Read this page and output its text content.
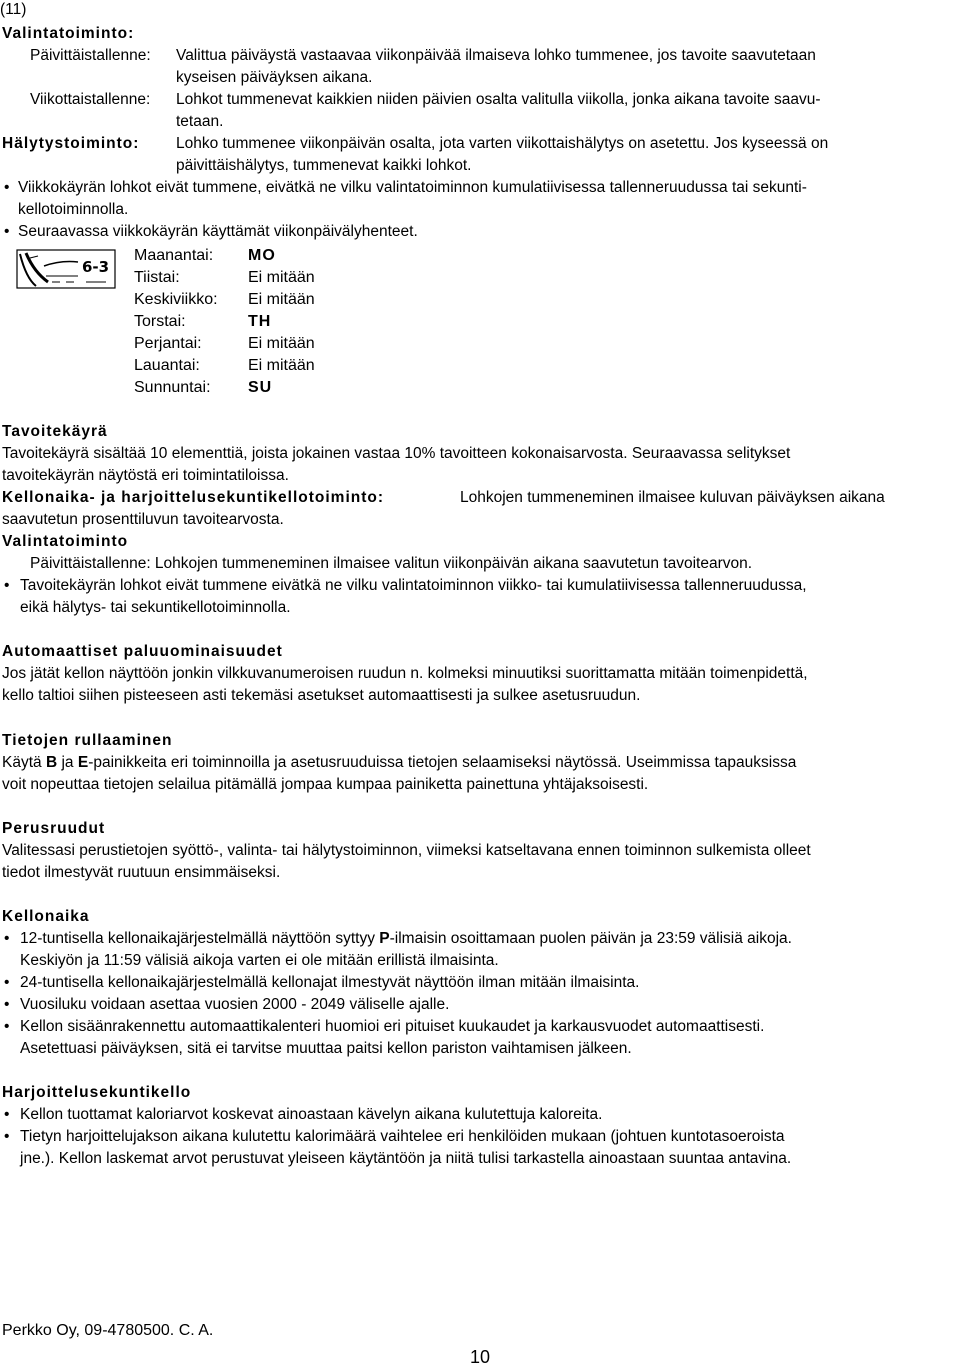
(11)
Valintatoiminto:
Päivittäistallenne: Valittua päiväystä vastaavaa viikonpäivää ilmaiseva lohko tummenee, jos tavoite saavutetaan
kyseisen päiväyksen aikana.
Viikottaistallenne: Lohkot tummenevat kaikkien niiden päivien osalta valitulla viikolla, jonka aikana tavoite saavu-
tetaan.
Hälytystoiminto: Lohko tummenee viikonpäivän osalta, jota varten viikottaishälytys on asetettu. Jos kyseessä on
päivittäishälytys, tummenevat kaikki lohkot.
• Viikkokäyrän lohkot eivät tummene, eivätkä ne vilku valintatoiminnon kumulatiivisessa tallenneruudussa tai sekunti-
kellotoiminnolla.
• Seuraavassa viikkokäyrän käyttämät viikonpäivälyhenteet.
6-3
Maanantai: MO
Tiistai:	Ei mitään
Keskiviikko: Ei mitään
Torstai:	TH
Perjantai:	Ei mitään
Lauantai:	Ei mitään
Sunnuntai: SU
Tavoitekäyrä
Tavoitekäyrä sisältää 10 elementtiä, joista jokainen vastaa 10% tavoitteen kokonaisarvosta. Seuraavassa selitykset
tavoitekäyrän näytöstä eri toimintatiloissa.
Kellonaika- ja harjoittelusekuntikellotoiminto:	Lohkojen tummeneminen ilmaisee kuluvan päiväyksen aikana
saavutetun prosenttiluvun tavoitearvosta.
Valintatoiminto
Päivittäistallenne: Lohkojen tummeneminen ilmaisee valitun viikonpäivän aikana saavutetun tavoitearvon.
• Tavoitekäyrän lohkot eivät tummene eivätkä ne vilku valintatoiminnon viikko- tai kumulatiivisessa tallenneruudussa,
eikä hälytys- tai sekuntikellotoiminnolla.
Automaattiset paluuominaisuudet
Jos jätät kellon näyttöön jonkin vilkkuvanumeroisen ruudun n. kolmeksi minuutiksi suorittamatta mitään toimenpidettä,
kello taltioi siihen pisteeseen asti tekemäsi asetukset automaattisesti ja sulkee asetusruudun.
Tietojen rullaaminen
Käytä B ja E-painikkeita eri toiminnoilla ja asetusruuduissa tietojen selaamiseksi näytössä. Useimmissa tapauksissa
voit nopeuttaa tietojen selailua pitämällä jompaa kumpaa painiketta painettuna yhtäjaksoisesti.
Perusruudut
Valitessasi perustietojen syöttö-, valinta- tai hälytystoiminnon, viimeksi katseltavana ennen toiminnon sulkemista olleet
tiedot ilmestyvät ruutuun ensimmäiseksi.
Kellonaika
• 12-tuntisella kellonaikajärjestelmällä näyttöön syttyy P-ilmaisin osoittamaan puolen päivän ja 23:59 välisiä aikoja.
Keskiyön ja 11:59 välisiä aikoja varten ei ole mitään erillistä ilmaisinta.
• 24-tuntisella kellonaikajärjestelmällä kellonajat ilmestyvät näyttöön ilman mitään ilmaisinta.
• Vuosiluku voidaan asettaa vuosien 2000 - 2049 väliselle ajalle.
• Kellon sisäänrakennettu automaattikalenteri huomioi eri pituiset kuukaudet ja karkausvuodet automaattisesti.
Asetettuasi päiväyksen, sitä ei tarvitse muuttaa paitsi kellon pariston vaihtamisen jälkeen.
Harjoittelusekuntikello
• Kellon tuottamat kaloriarvot koskevat ainoastaan kävelyn aikana kulutettuja kaloreita.
• Tietyn harjoittelujakson aikana kulutettu kalorimäärä vaihtelee eri henkilöiden mukaan (johtuen kuntotasoeroista
jne.). Kellon laskemat arvot perustuvat yleiseen käytäntöön ja niitä tulisi tarkastella ainoastaan suuntaa antavina.
Perkko Oy, 09-4780500. C. A.
10
